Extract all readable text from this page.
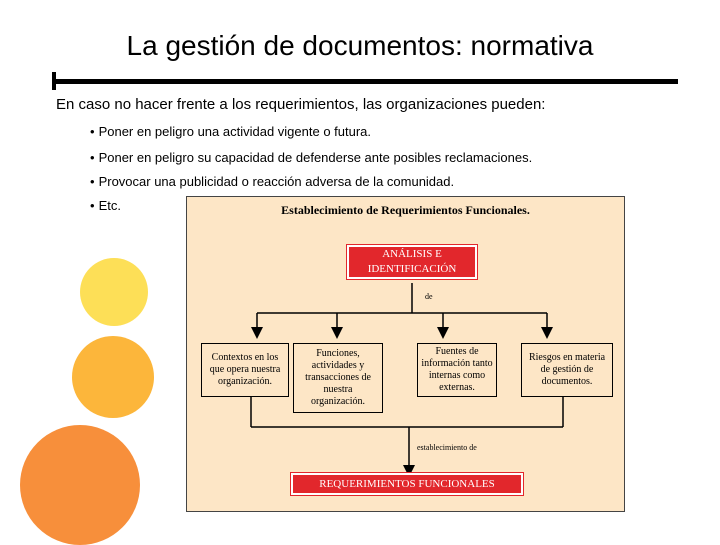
La gestión de documentos: normativa
En caso no hacer frente a los requerimientos, las organizaciones pueden:
• Poner en peligro una actividad vigente o futura.
• Poner en peligro su capacidad de defenderse ante posibles reclamaciones.
• Provocar una publicidad o reacción adversa de la comunidad.
• Etc.	Establecimiento de Requerimientos Funcionales.
ANÁLISIS E IDENTIFICACIÓN
de
Contextos en los que opera nuestra organización.
Funciones, actividades y transacciones de nuestra organización.
Fuentes de información tanto internas como externas.
Riesgos en materia de gestión de documentos.
establecimiento de
REQUERIMIENTOS FUNCIONALES
